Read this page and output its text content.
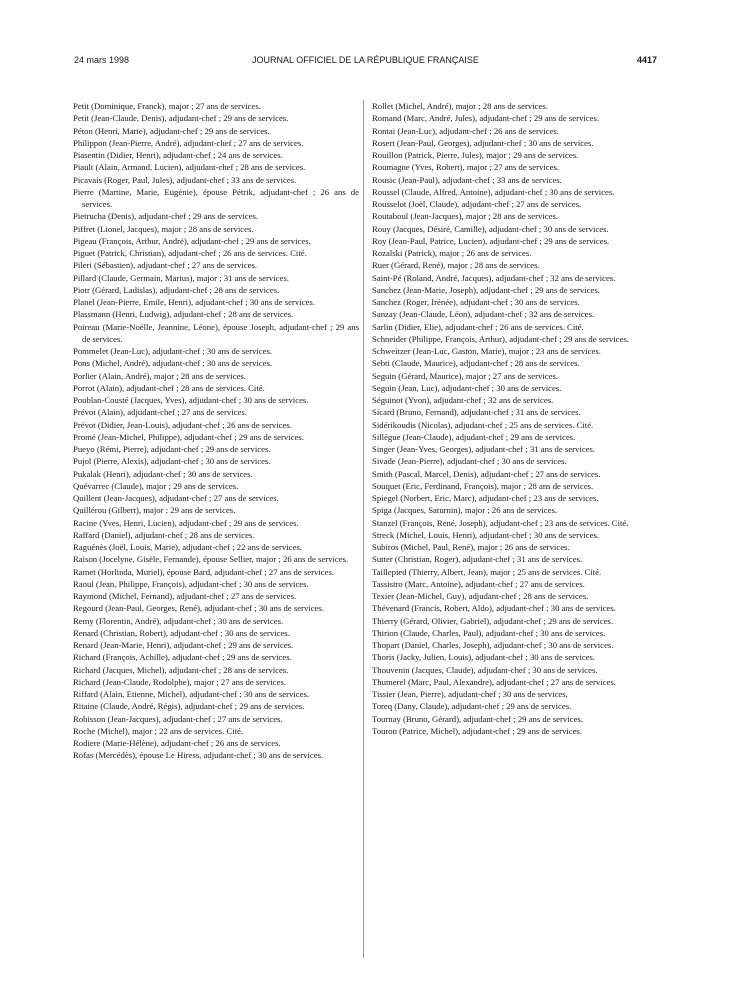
24 mars 1998	JOURNAL OFFICIEL DE LA RÉPUBLIQUE FRANÇAISE	4417

Petit (Dominique, Franck), major ; 27 ans de services.

Petit (Jean-Claude, Denis), adjudant-chef ; 29 ans de services.

Péton (Henri, Marie), adjudant-chef ; 29 ans de services.

Philippon (Jean-Pierre, André), adjudant-chef ; 27 ans de services.

Piasentin (Didier, Henri), adjudant-chef ; 24 ans de services.

Piault (Alain, Armand, Lucien), adjudant-chef ; 28 ans de services.

Picavais (Roger, Paul, Jules), adjudant-chef ; 33 ans de services.

Pierre (Martine, Marie, Eugénie), épouse Pétrik, adjudant-chef ; 26 ans de services.

Pietrucha (Denis), adjudant-chef ; 29 ans de services.

Piffret (Lionel, Jacques), major ; 28 ans de services.

Pigeau (François, Arthur, André), adjudant-chef ; 29 ans de services.

Piguet (Patrick, Christian), adjudant-chef ; 26 ans de services. Cité.

Pileri (Sébastien), adjudant-chef ; 27 ans de services.

Pillard (Claude, Germain, Marius), major ; 31 ans de services.

Piotr (Gérard, Ladislas), adjudant-chef ; 28 ans de services.

Planel (Jean-Pierre, Emile, Henri), adjudant-chef ; 30 ans de services.

Plassmann (Henri, Ludwig), adjudant-chef ; 28 ans de services.

Poireau (Marie-Noëlle, Jeannine, Léone), épouse Joseph, adjudant-chef ; 29 ans de services.

Pommelet (Jean-Luc), adjudant-chef ; 30 ans de services.

Pons (Michel, André), adjudant-chef ; 30 ans de services.

Porlier (Alain, André), major ; 28 ans de services.

Porrot (Alain), adjudant-chef ; 28 ans de services. Cité.

Poublan-Cousté (Jacques, Yves), adjudant-chef ; 30 ans de services.

Prévot (Alain), adjudant-chef ; 27 ans de services.

Prévot (Didier, Jean-Louis), adjudant-chef ; 26 ans de services.

Promé (Jean-Michel, Philippe), adjudant-chef ; 29 ans de services.

Pueyo (Rémi, Pierre), adjudant-chef ; 29 ans de services.

Pujol (Pierre, Alexis), adjudant-chef ; 30 ans de services.

Pukalak (Henri), adjudant-chef ; 30 ans de services.

Quévarrec (Claude), major ; 29 ans de services.

Quillent (Jean-Jacques), adjudant-chef ; 27 ans de services.

Quillérou (Gilbert), major ; 29 ans de services.

Racine (Yves, Henri, Lucien), adjudant-chef ; 29 ans de services.

Raffard (Daniel), adjudant-chef ; 28 ans de services.

Raguénès (Joël, Louis, Marie), adjudant-chef ; 22 ans de services.

Raison (Jocelyne, Gisèle, Fernande), épouse Sellier, major ; 26 ans de services.

Ramet (Horlinda, Muriel), épouse Bard, adjudant-chef ; 27 ans de services.

Raoul (Jean, Philippe, François), adjudant-chef ; 30 ans de services.

Raymond (Michel, Fernand), adjudant-chef ; 27 ans de services.

Regourd (Jean-Paul, Georges, René), adjudant-chef ; 30 ans de services.

Remy (Florentin, André), adjudant-chef ; 30 ans de services.

Renard (Christian, Robert), adjudant-chef ; 30 ans de services.

Renard (Jean-Marie, Henri), adjudant-chef ; 29 ans de services.

Richard (François, Achille), adjudant-chef ; 29 ans de services.

Richard (Jacques, Michel), adjudant-chef ; 28 ans de services.

Richard (Jean-Claude, Rodolphe), major ; 27 ans de services.

Riffard (Alain, Etienne, Michel), adjudant-chef ; 30 ans de services.

Ritaine (Claude, André, Régis), adjudant-chef ; 29 ans de services.

Robisson (Jean-Jacques), adjudant-chef ; 27 ans de services.

Roche (Michel), major ; 22 ans de services. Cité.

Rodiere (Marie-Hélène), adjudant-chef ; 26 ans de services.

Rofas (Mercédès), épouse Le Hiress, adjudant-chef ; 30 ans de services.

Rollet (Michel, André), major ; 28 ans de services.

Romand (Marc, André, Jules), adjudant-chef ; 29 ans de services.

Rontai (Jean-Luc), adjudant-chef ; 26 ans de services.

Rosert (Jean-Paul, Georges), adjudant-chef ; 30 ans de services.

Rouillon (Patrick, Pierre, Jules), major ; 29 ans de services.

Roumagne (Yves, Robert), major ; 27 ans de services.

Rousic (Jean-Paul), adjudant-chef ; 33 ans de services.

Roussel (Claude, Alfred, Antoine), adjudant-chef ; 30 ans de services.

Rousselot (Joël, Claude), adjudant-chef ; 27 ans de services.

Routaboul (Jean-Jacques), major ; 28 ans de services.

Rouy (Jacques, Désiré, Camille), adjudant-chef ; 30 ans de services.

Roy (Jean-Paul, Patrice, Lucien), adjudant-chef ; 29 ans de services.

Rozalski (Patrick), major ; 26 ans de services.

Ruer (Gérard, René), major ; 28 ans de services.

Saint-Pé (Roland, André, Jacques), adjudant-chef ; 32 ans de services.

Sanchez (Jean-Marie, Joseph), adjudant-chef ; 29 ans de services.

Sanchez (Roger, Irénée), adjudant-chef ; 30 ans de services.

Sanzay (Jean-Claude, Léon), adjudant-chef ; 32 ans de services.

Sarlin (Didier, Elie), adjudant-chef ; 26 ans de services. Cité.

Schneider (Philippe, François, Arthur), adjudant-chef ; 29 ans de services.

Schweitzer (Jean-Luc, Gaston, Marie), major ; 23 ans de services.

Sebti (Claude, Maurice), adjudant-chef ; 28 ans de services.

Seguin (Gérard, Maurice), major ; 27 ans de services.

Seguin (Jean, Luc), adjudant-chef ; 30 ans de services.

Séguinot (Yvon), adjudant-chef ; 32 ans de services.

Sicard (Bruno, Fernand), adjudant-chef ; 31 ans de services.

Sidérikoudis (Nicolas), adjudant-chef ; 25 ans de services. Cité.

Sillègue (Jean-Claude), adjudant-chef ; 29 ans de services.

Singer (Jean-Yves, Georges), adjudant-chef ; 31 ans de services.

Sivade (Jean-Pierre), adjudant-chef ; 30 ans de services.

Smith (Pascal, Marcel, Denis), adjudant-chef ; 27 ans de services.

Souquet (Eric, Ferdinand, François), major ; 28 ans de services.

Spiegel (Norbert, Eric, Marc), adjudant-chef ; 23 ans de services.

Spiga (Jacques, Saturnin), major ; 26 ans de services.

Stanzel (François, René, Joseph), adjudant-chef ; 23 ans de services. Cité.

Streck (Michel, Louis, Henri), adjudant-chef ; 30 ans de services.

Subiros (Michel, Paul, René), major ; 26 ans de services.

Sutter (Christian, Roger), adjudant-chef ; 31 ans de services.

Taillepied (Thierry, Albert, Jean), major ; 25 ans de services. Cité.

Tassistro (Marc, Antoine), adjudant-chef ; 27 ans de services.

Texier (Jean-Michel, Guy), adjudant-chef ; 28 ans de services.

Thévenard (Francis, Robert, Aldo), adjudant-chef ; 30 ans de services.

Thierry (Gérard, Olivier, Gabriel), adjudant-chef ; 29 ans de services.

Thirion (Claude, Charles, Paul), adjudant-chef ; 30 ans de services.

Thopart (Daniel, Charles, Joseph), adjudant-chef ; 30 ans de services.

Thoris (Jacky, Julien, Louis), adjudant-chef ; 30 ans de services.

Thouvenin (Jacques, Claude), adjudant-chef ; 30 ans de services.

Thumerel (Marc, Paul, Alexandre), adjudant-chef ; 27 ans de services.

Tissier (Jean, Pierre), adjudant-chef ; 30 ans de services.

Toreq (Dany, Claude), adjudant-chef ; 29 ans de services.

Tournay (Bruno, Gérard), adjudant-chef ; 29 ans de services.

Touron (Patrice, Michel), adjudant-chef ; 29 ans de services.
